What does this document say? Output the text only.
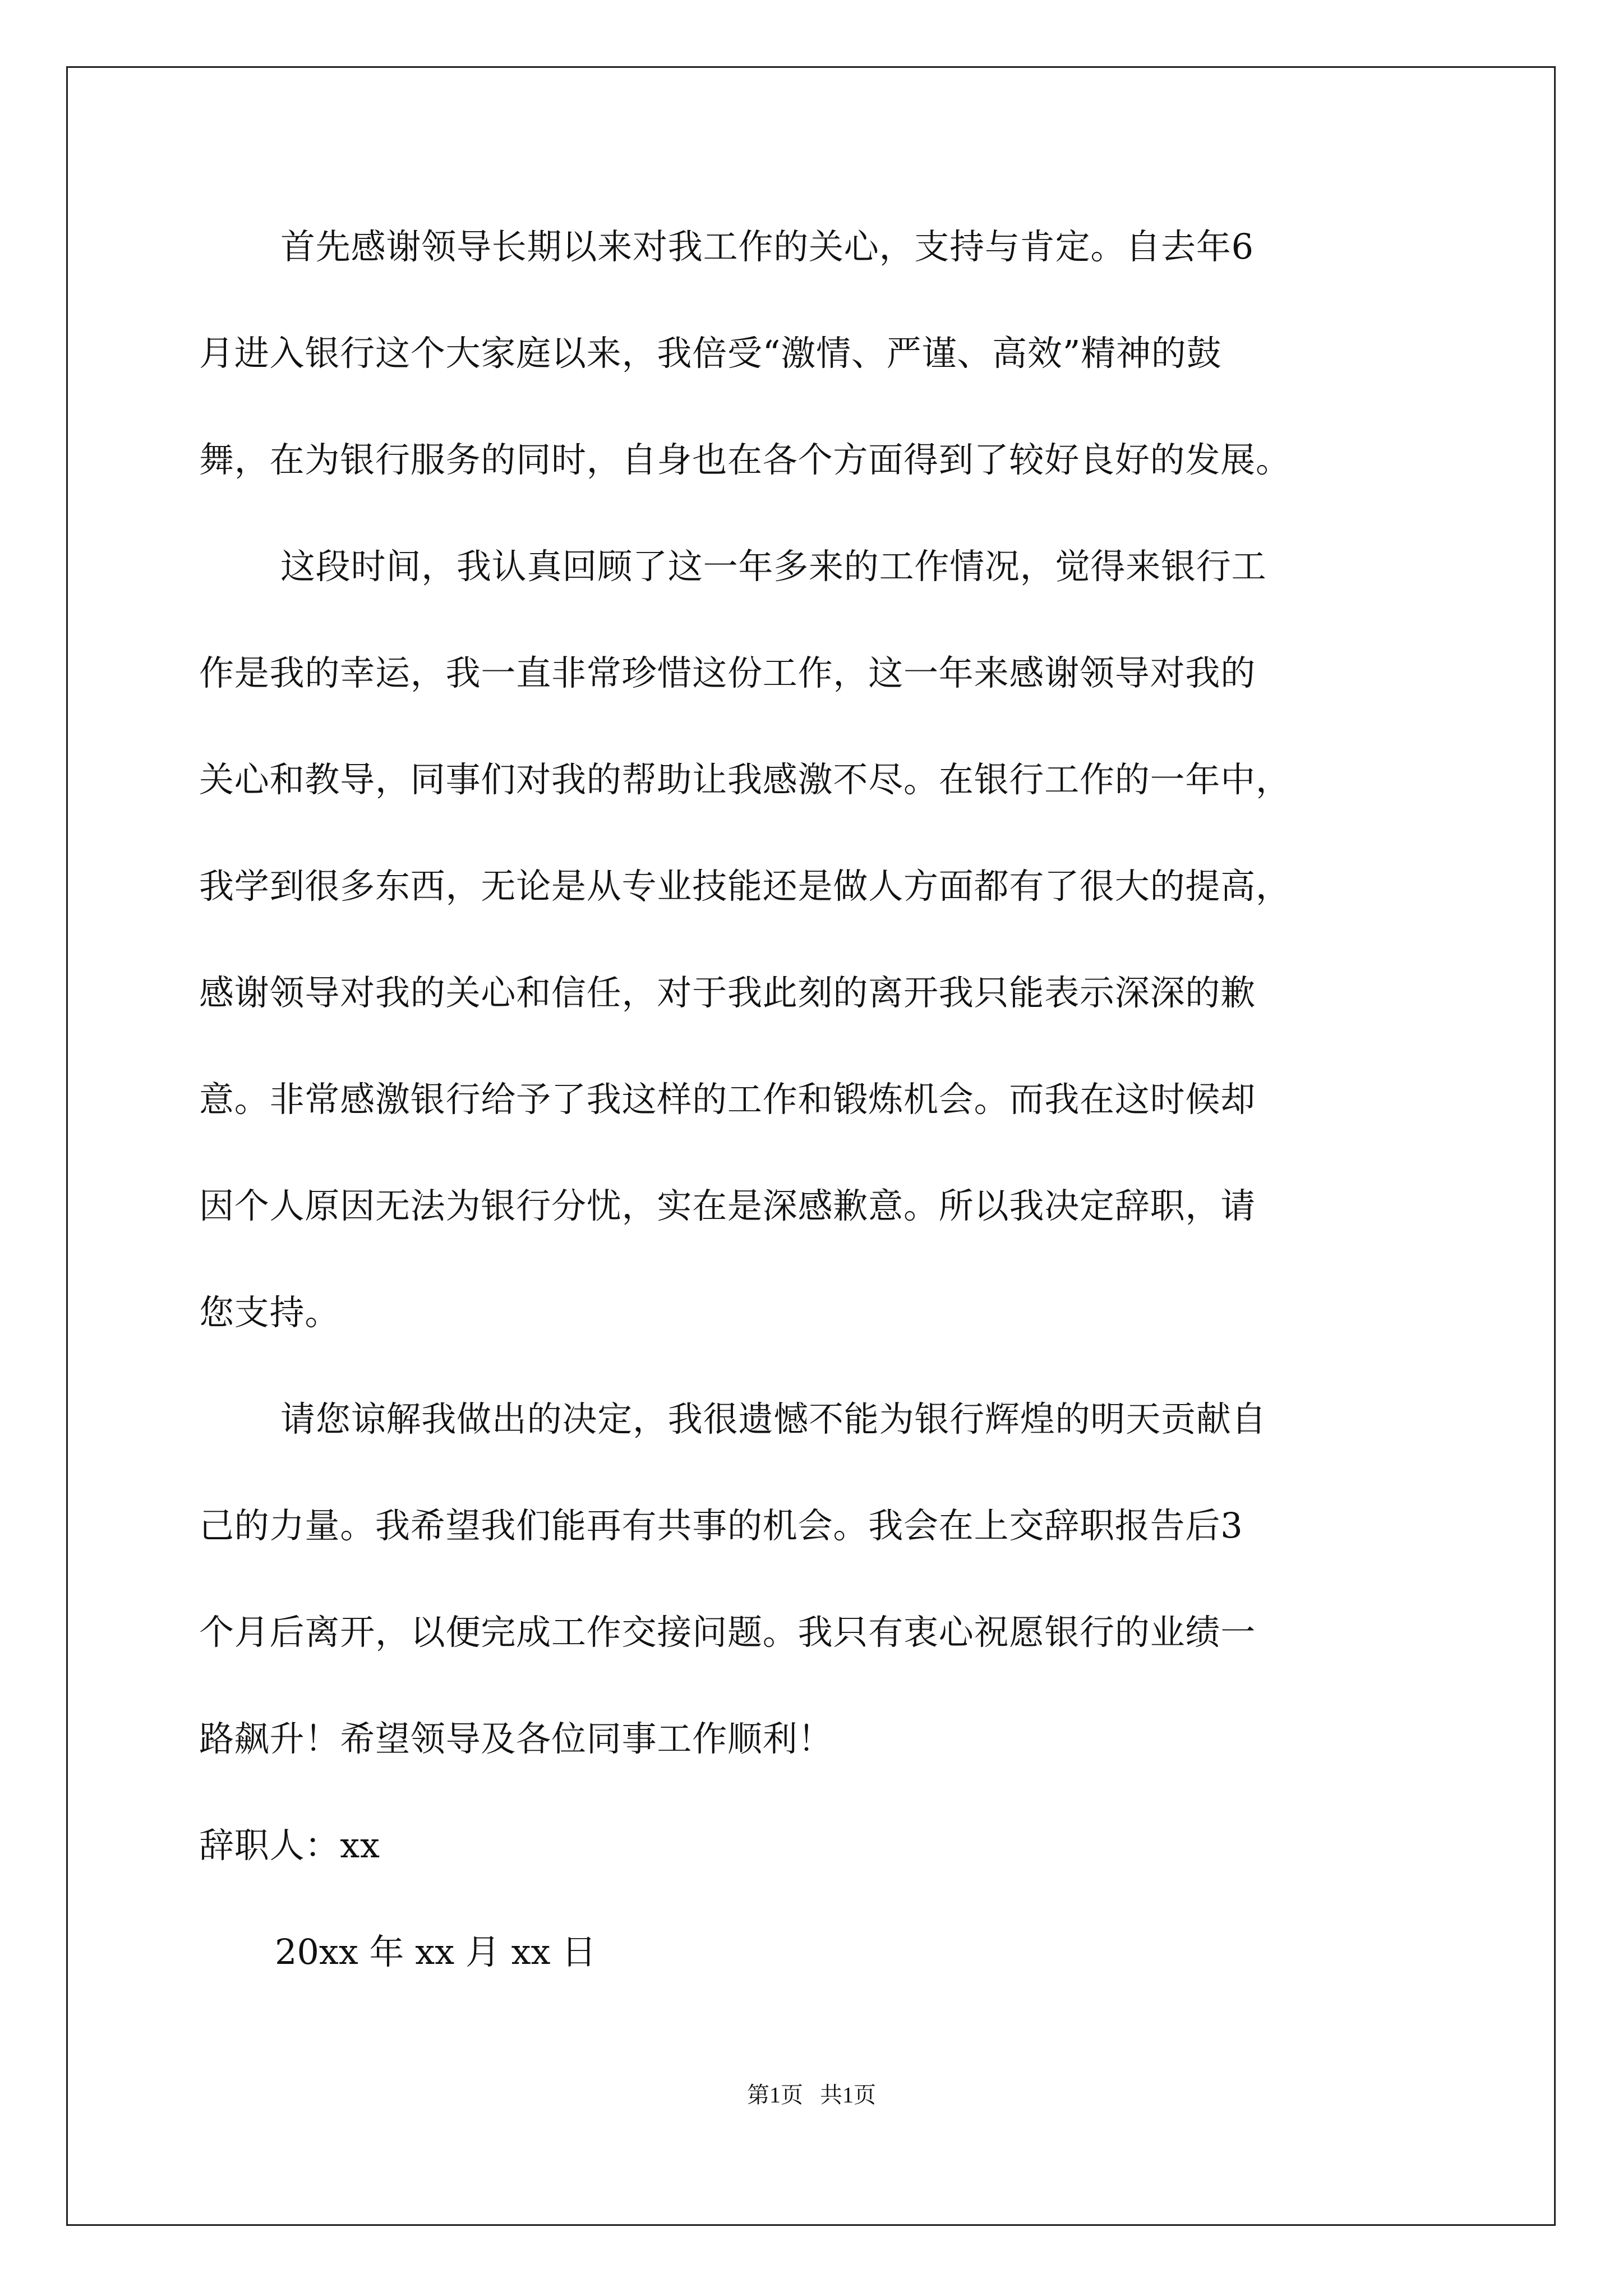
首先感谢领导长期以来对我工作的关心，支持与肯定。自去年6
月进入银行这个大家庭以来，我倍受“激情、严谨、高效”精神的鼓
舞，在为银行服务的同时，自身也在各个方面得到了较好良好的发展。
这段时间，我认真回顾了这一年多来的工作情况，觉得来银行工
作是我的幸运，我一直非常珍惜这份工作，这一年来感谢领导对我的
关心和教导，同事们对我的帮助让我感激不尽。在银行工作的一年中，
我学到很多东西，无论是从专业技能还是做人方面都有了很大的提高，
感谢领导对我的关心和信任，对于我此刻的离开我只能表示深深的歉
意。非常感激银行给予了我这样的工作和锻炼机会。而我在这时候却
因个人原因无法为银行分忧，实在是深感歉意。所以我决定辞职，请
您支持。
请您谅解我做出的决定，我很遗憾不能为银行辉煌的明天贡献自
己的力量。我希望我们能再有共事的机会。我会在上交辞职报告后3
个月后离开，以便完成工作交接问题。我只有衷心祝愿银行的业绩一
路飙升！希望领导及各位同事工作顺利！
辞职人：xx
20xx 年 xx 月 xx 日
第1页   共1页
